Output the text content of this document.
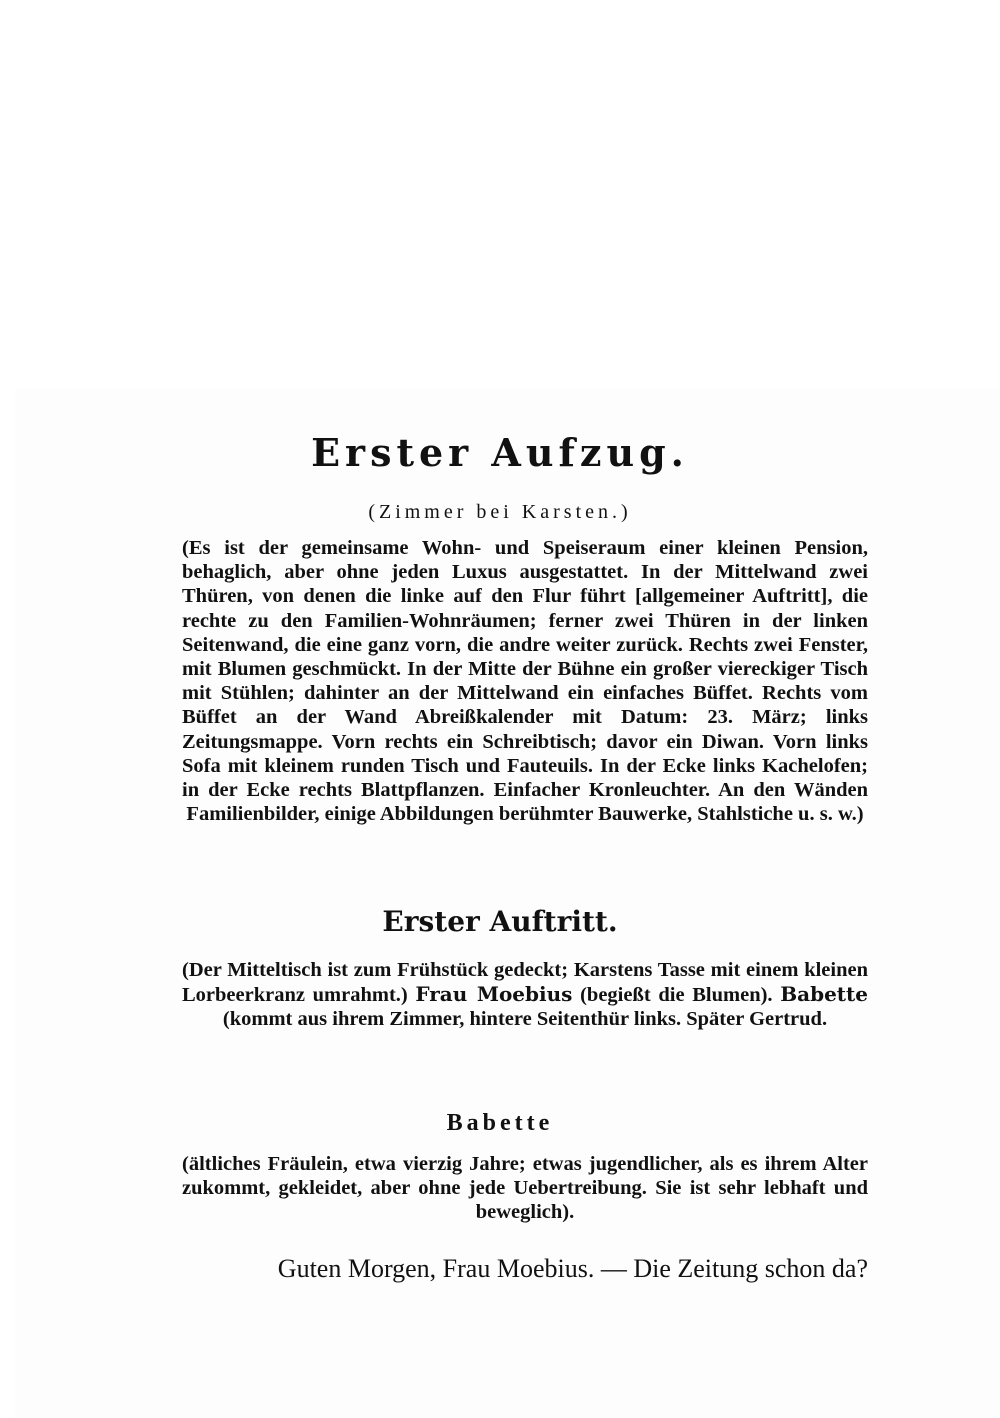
Erster Aufzug.
(Zimmer bei Karsten.)
(Es ist der gemeinsame Wohn- und Speiseraum einer kleinen Pension, behaglich, aber ohne jeden Luxus ausgestattet. In der Mittelwand zwei Thüren, von denen die linke auf den Flur führt [allgemeiner Auftritt], die rechte zu den Familien-Wohnräumen; ferner zwei Thüren in der linken Seitenwand, die eine ganz vorn, die andre weiter zurück. Rechts zwei Fenster, mit Blumen geschmückt. In der Mitte der Bühne ein großer viereckiger Tisch mit Stühlen; dahinter an der Mittelwand ein einfaches Büffet. Rechts vom Büffet an der Wand Abreißkalender mit Datum: 23. März; links Zeitungsmappe. Vorn rechts ein Schreibtisch; davor ein Diwan. Vorn links Sofa mit kleinem runden Tisch und Fauteuils. In der Ecke links Kachelofen; in der Ecke rechts Blattpflanzen. Einfacher Kronleuchter. An den Wänden Familienbilder, einige Abbildungen berühmter Bauwerke, Stahlstiche u. s. w.)
Erster Auftritt.
(Der Mitteltisch ist zum Frühstück gedeckt; Karstens Tasse mit einem kleinen Lorbeerkranz umrahmt.) Frau Moebius (begießt die Blumen). Babette (kommt aus ihrem Zimmer, hintere Seitenthür links. Später Gertrud.
Babette
(ältliches Fräulein, etwa vierzig Jahre; etwas jugendlicher, als es ihrem Alter zukommt, gekleidet, aber ohne jede Uebertreibung. Sie ist sehr lebhaft und beweglich).
Guten Morgen, Frau Moebius. — Die Zeitung schon da?
